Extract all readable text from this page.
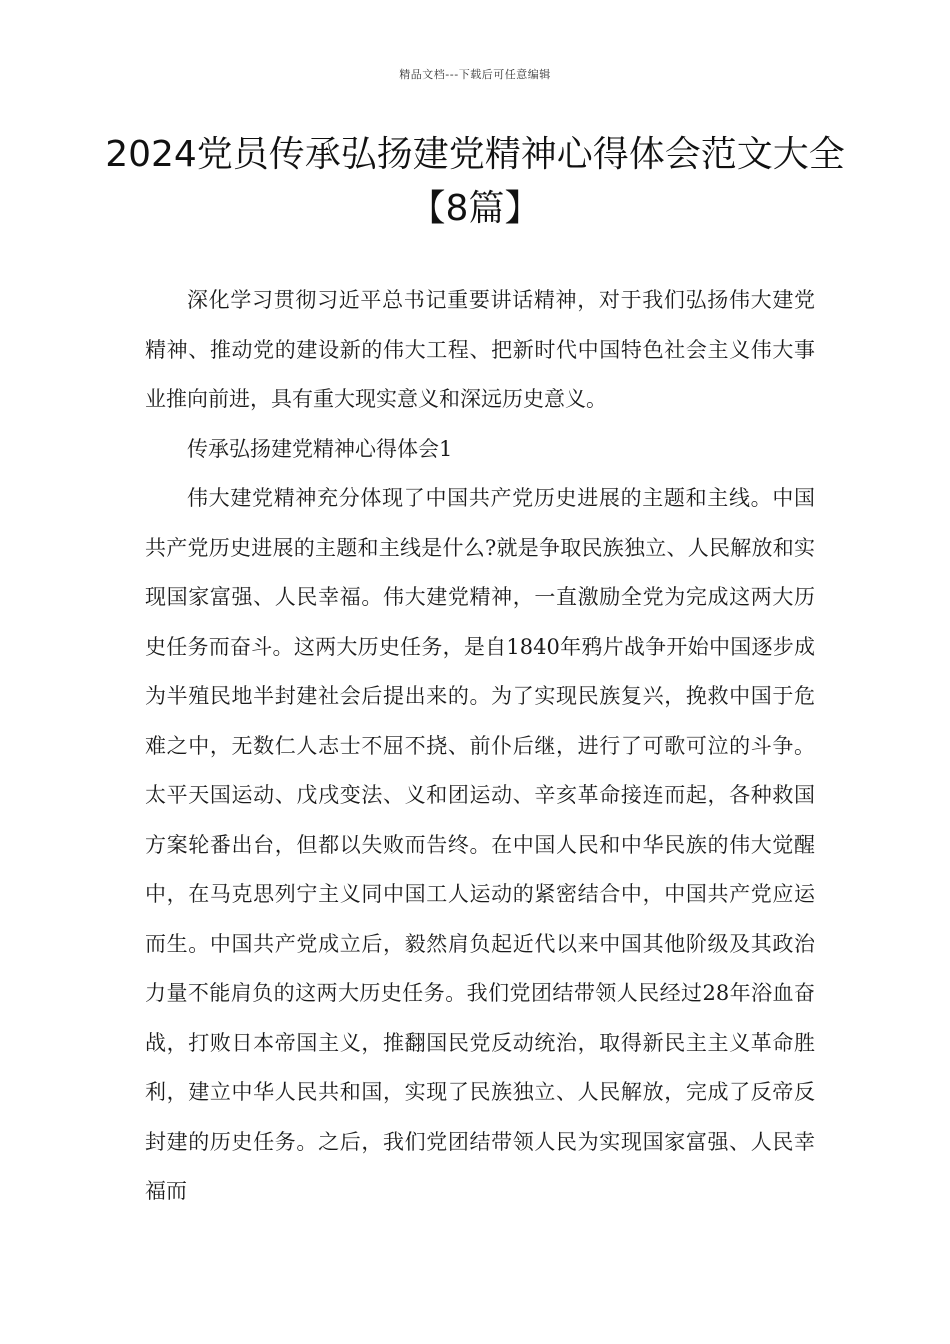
精品文档---下载后可任意编辑
2024党员传承弘扬建党精神心得体会范文大全【8篇】

深化学习贯彻习近平总书记重要讲话精神，对于我们弘扬伟大建党精神、推动党的建设新的伟大工程、把新时代中国特色社会主义伟大事业推向前进，具有重大现实意义和深远历史意义。

传承弘扬建党精神心得体会1

伟大建党精神充分体现了中国共产党历史进展的主题和主线。中国共产党历史进展的主题和主线是什么?就是争取民族独立、人民解放和实现国家富强、人民幸福。伟大建党精神，一直激励全党为完成这两大历史任务而奋斗。这两大历史任务，是自1840年鸦片战争开始中国逐步成为半殖民地半封建社会后提出来的。为了实现民族复兴，挽救中国于危难之中，无数仁人志士不屈不挠、前仆后继，进行了可歌可泣的斗争。太平天国运动、戊戌变法、义和团运动、辛亥革命接连而起，各种救国方案轮番出台，但都以失败而告终。在中国人民和中华民族的伟大觉醒中，在马克思列宁主义同中国工人运动的紧密结合中，中国共产党应运而生。中国共产党成立后，毅然肩负起近代以来中国其他阶级及其政治力量不能肩负的这两大历史任务。我们党团结带领人民经过28年浴血奋战，打败日本帝国主义，推翻国民党反动统治，取得新民主主义革命胜利，建立中华人民共和国，实现了民族独立、人民解放，完成了反帝反封建的历史任务。之后，我们党团结带领人民为实现国家富强、人民幸福而
